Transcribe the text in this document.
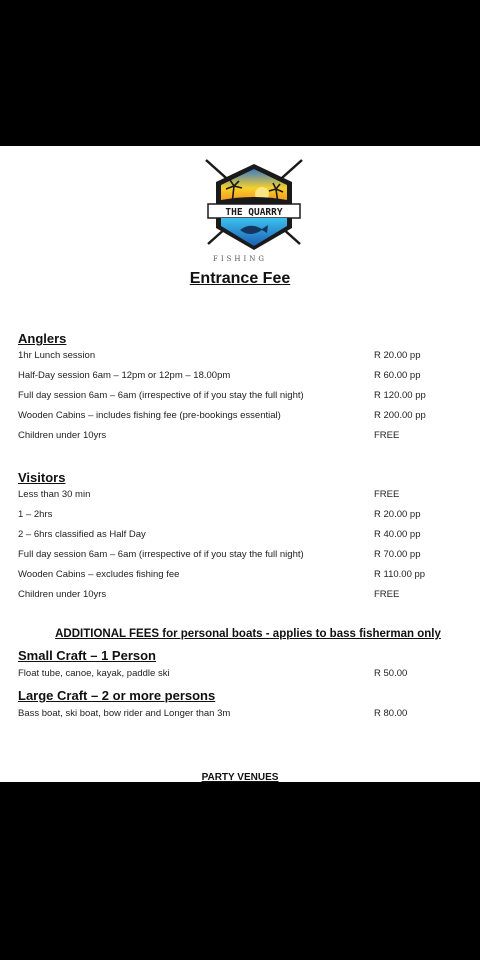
THE QUARRY
FISHING
Entrance Fee
Anglers
1hr Lunch session	R 20.00 pp
Half-Day session 6am – 12pm or 12pm – 18.00pm	R 60.00 pp
Full day session 6am – 6am (irrespective of if you stay the full night)	R 120.00 pp
Wooden Cabins – includes fishing fee (pre-bookings essential)	R 200.00 pp
Children under 10yrs	FREE
Visitors
Less than 30 min	FREE
1 – 2hrs	R 20.00 pp
2 – 6hrs classified as Half Day	R 40.00 pp
Full day session 6am – 6am (irrespective of if you stay the full night)	R 70.00 pp
Wooden Cabins – excludes fishing fee	R 110.00 pp
Children under 10yrs	FREE
ADDITIONAL FEES for personal boats - applies to bass fisherman only
Small Craft – 1 Person
Float tube, canoe, kayak, paddle ski	R 50.00
Large Craft – 2 or more persons
Bass boat, ski boat, bow rider and Longer than 3m	R 80.00
PARTY VENUES
